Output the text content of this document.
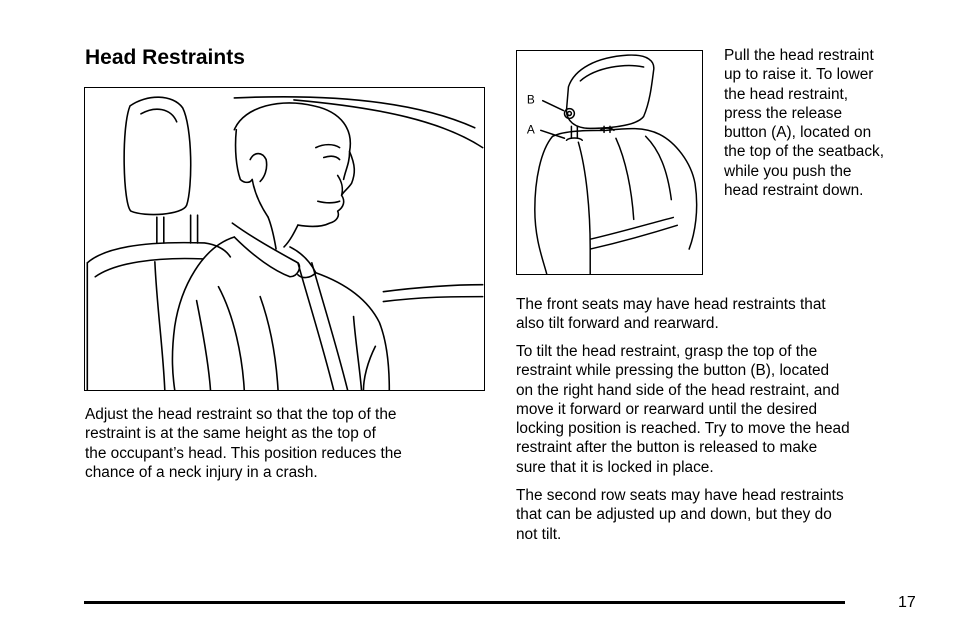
Head Restraints

Adjust the head restraint so that the top of the
restraint is at the same height as the top of
the occupant’s head. This position reduces the
chance of a neck injury in a crash.

B
A

Pull the head restraint
up to raise it. To lower
the head restraint,
press the release
button (A), located on
the top of the seatback,
while you push the
head restraint down.

The front seats may have head restraints that
also tilt forward and rearward.

To tilt the head restraint, grasp the top of the
restraint while pressing the button (B), located
on the right hand side of the head restraint, and
move it forward or rearward until the desired
locking position is reached. Try to move the head
restraint after the button is released to make
sure that it is locked in place.

The second row seats may have head restraints
that can be adjusted up and down, but they do
not tilt.

17
